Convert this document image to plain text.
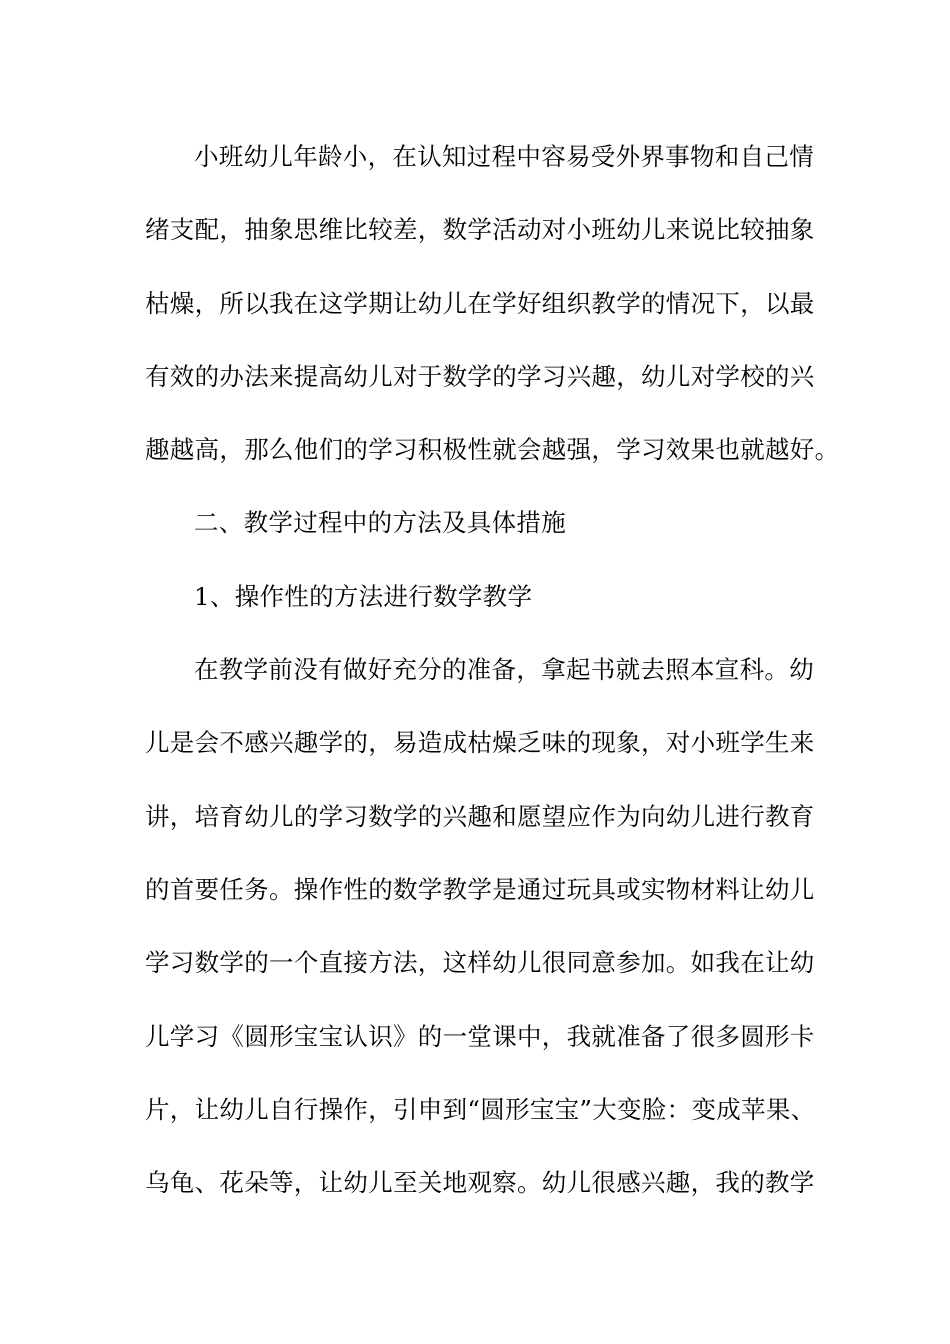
小班幼儿年龄小，在认知过程中容易受外界事物和自己情
绪支配，抽象思维比较差，数学活动对小班幼儿来说比较抽象
枯燥，所以我在这学期让幼儿在学好组织教学的情况下，以最
有效的办法来提高幼儿对于数学的学习兴趣，幼儿对学校的兴
趣越高，那么他们的学习积极性就会越强，学习效果也就越好。
二、教学过程中的方法及具体措施
1、操作性的方法进行数学教学
在教学前没有做好充分的准备，拿起书就去照本宣科。幼
儿是会不感兴趣学的，易造成枯燥乏味的现象，对小班学生来
讲，培育幼儿的学习数学的兴趣和愿望应作为向幼儿进行教育
的首要任务。操作性的数学教学是通过玩具或实物材料让幼儿
学习数学的一个直接方法，这样幼儿很同意参加。如我在让幼
儿学习《圆形宝宝认识》的一堂课中，我就准备了很多圆形卡
片，让幼儿自行操作，引申到“圆形宝宝”大变脸：变成苹果、
乌龟、花朵等，让幼儿至关地观察。幼儿很感兴趣，我的教学
